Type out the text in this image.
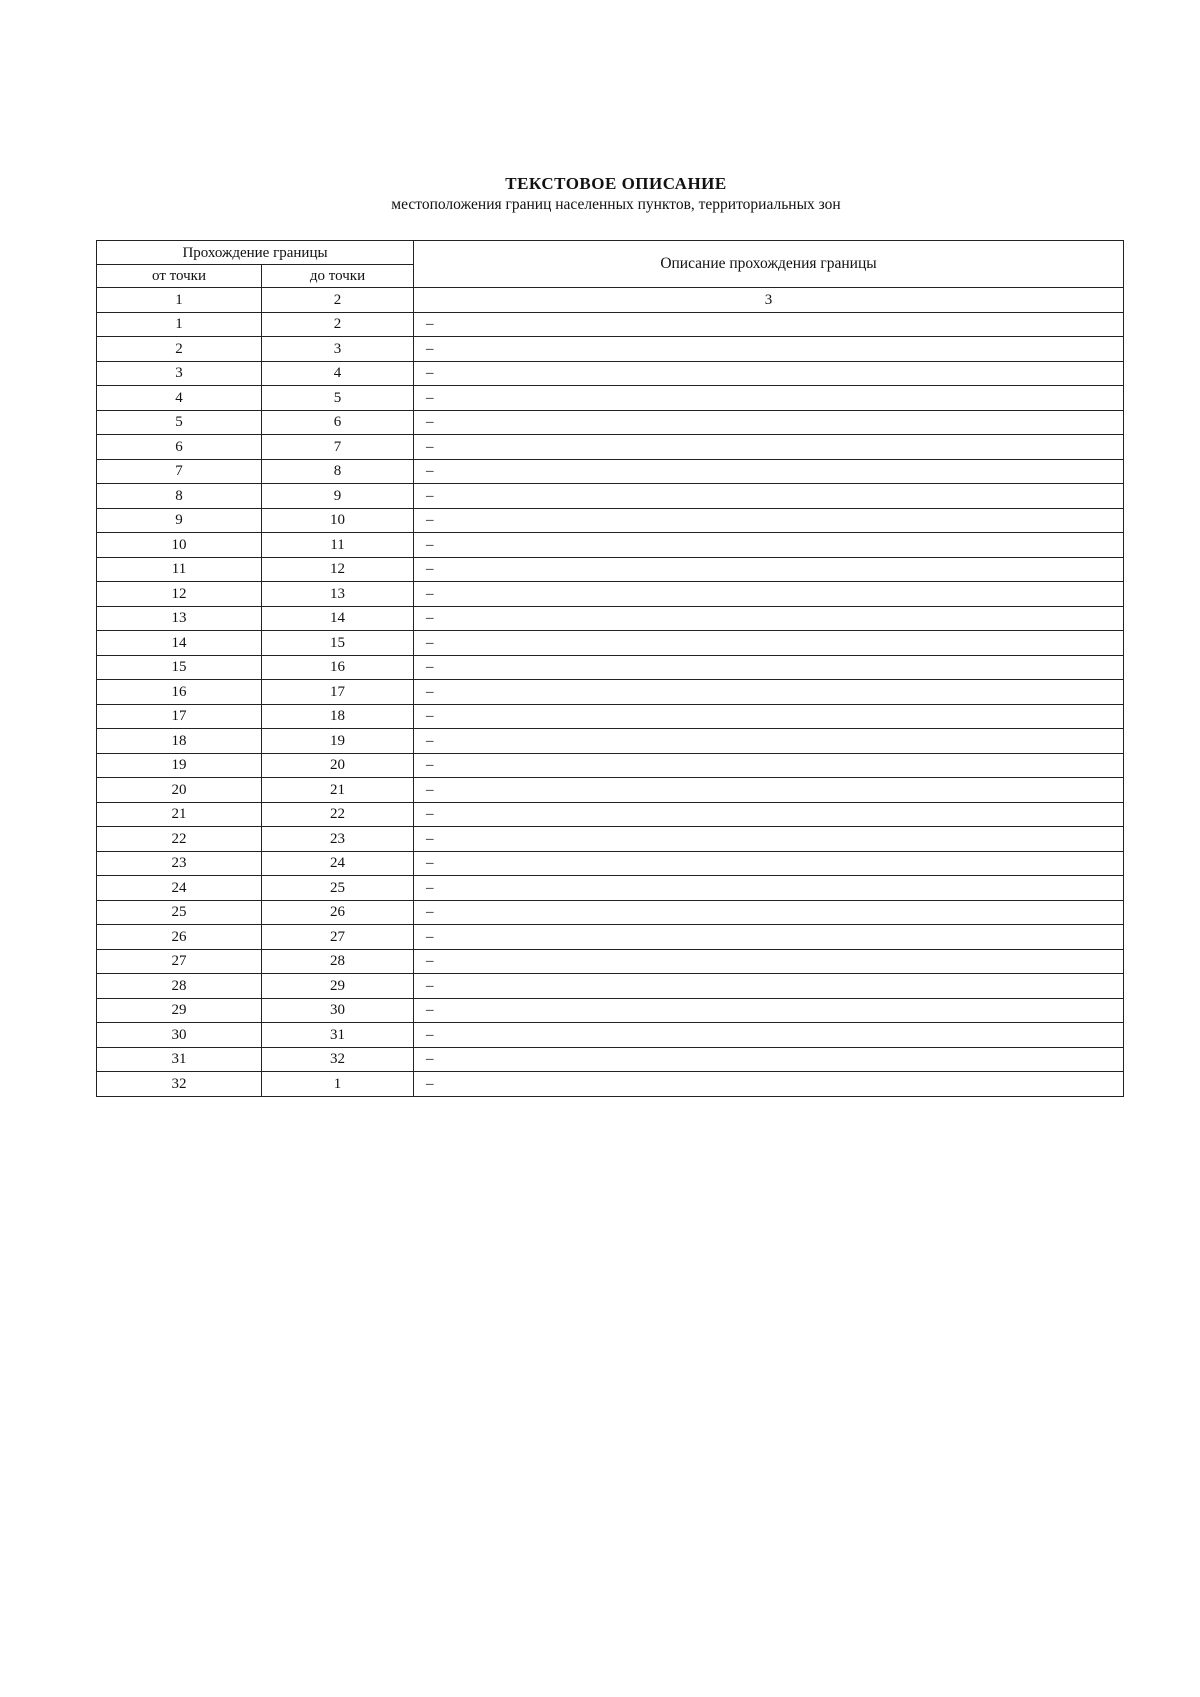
ТЕКСТОВОЕ ОПИСАНИЕ
местоположения границ населенных пунктов, территориальных зон
Прохождение границы		Описание прохождения границы
от точки	до точки	
1	2	3
1	2	–
2	3	–
3	4	–
4	5	–
5	6	–
6	7	–
7	8	–
8	9	–
9	10	–
10	11	–
11	12	–
12	13	–
13	14	–
14	15	–
15	16	–
16	17	–
17	18	–
18	19	–
19	20	–
20	21	–
21	22	–
22	23	–
23	24	–
24	25	–
25	26	–
26	27	–
27	28	–
28	29	–
29	30	–
30	31	–
31	32	–
32	1	–
